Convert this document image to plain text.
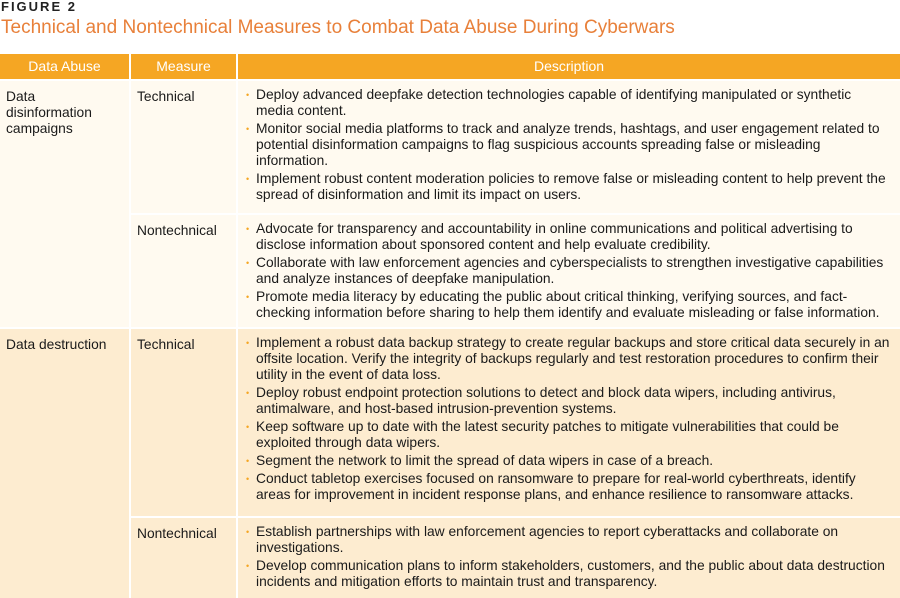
FIGURE 2
Technical and Nontechnical Measures to Combat Data Abuse During Cyberwars
Data Abuse	Measure	Description
Data disinformation campaigns
Technical	• Deploy advanced deepfake detection technologies capable of identifying manipulated or synthetic media content.
• Monitor social media platforms to track and analyze trends, hashtags, and user engagement related to potential disinformation campaigns to flag suspicious accounts spreading false or misleading information.
• Implement robust content moderation policies to remove false or misleading content to help prevent the spread of disinformation and limit its impact on users.
Nontechnical	• Advocate for transparency and accountability in online communications and political advertising to disclose information about sponsored content and help evaluate credibility.
• Collaborate with law enforcement agencies and cyberspecialists to strengthen investigative capabilities and analyze instances of deepfake manipulation.
• Promote media literacy by educating the public about critical thinking, verifying sources, and fact-checking information before sharing to help them identify and evaluate misleading or false information.
Data destruction	Technical	• Implement a robust data backup strategy to create regular backups and store critical data securely in an offsite location. Verify the integrity of backups regularly and test restoration procedures to confirm their utility in the event of data loss.
• Deploy robust endpoint protection solutions to detect and block data wipers, including antivirus, antimalware, and host-based intrusion-prevention systems.
• Keep software up to date with the latest security patches to mitigate vulnerabilities that could be exploited through data wipers.
• Segment the network to limit the spread of data wipers in case of a breach.
• Conduct tabletop exercises focused on ransomware to prepare for real-world cyberthreats, identify areas for improvement in incident response plans, and enhance resilience to ransomware attacks.
Nontechnical	• Establish partnerships with law enforcement agencies to report cyberattacks and collaborate on investigations.
• Develop communication plans to inform stakeholders, customers, and the public about data destruction incidents and mitigation efforts to maintain trust and transparency.
